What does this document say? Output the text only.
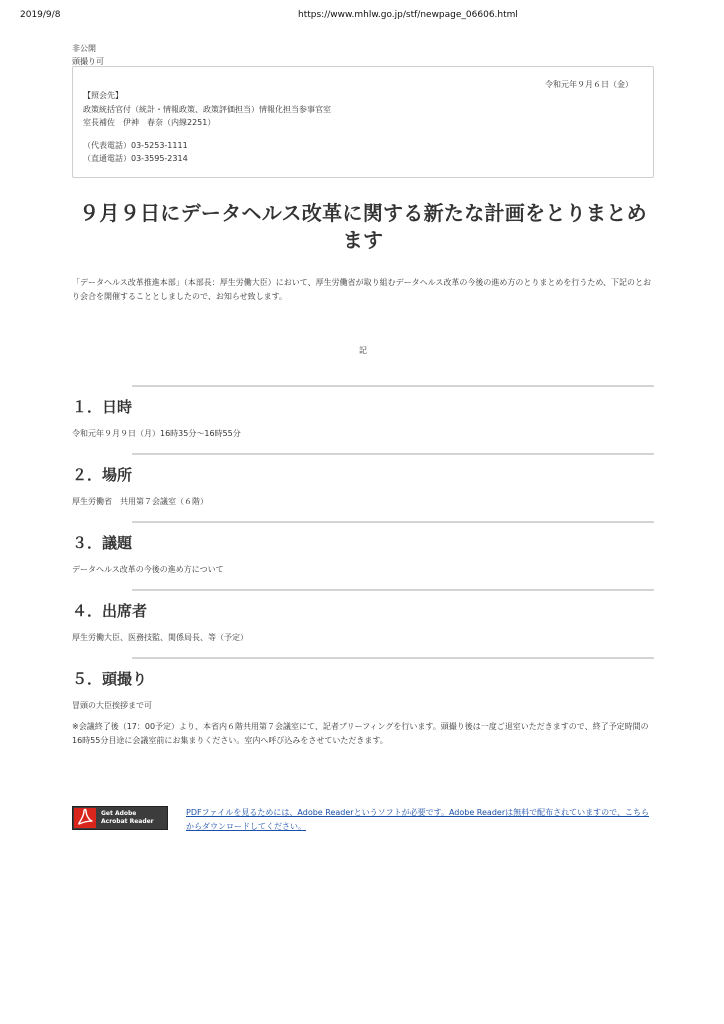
2019/9/8	https://www.mhlw.go.jp/stf/newpage_06606.html
非公開
頭撮り可
令和元年９月６日（金）
【照会先】
政策統括官付（統計・情報政策、政策評価担当）情報化担当参事官室
室長補佐　伊神　春奈（内線2251）
（代表電話）03-5253-1111
（直通電話）03-3595-2314
９月９日にデータヘルス改革に関する新たな計画をとりまとめます

「データヘルス改革推進本部」（本部長：厚生労働大臣）において、厚生労働省が取り組むデータヘルス改革の今後の進め方のとりまとめを行うため、下記のとおり会合を開催することとしましたので、お知らせ致します。

記
１．日時
令和元年９月９日（月）16時35分～16時55分
２．場所
厚生労働省　共用第７会議室（６階）
３．議題
データヘルス改革の今後の進め方について
４．出席者
厚生労働大臣、医務技監、関係局長、等（予定）
５．頭撮り
冒頭の大臣挨拶まで可

※会議終了後（17：00予定）より、本省内６階共用第７会議室にて、記者ブリーフィングを行います。頭撮り後は一度ご退室いただきますので、終了予定時間の16時55分目途に会議室前にお集まりください。室内へ呼び込みをさせていただきます。

Get Adobe
Acrobat Reader
PDFファイルを見るためには、Adobe Readerというソフトが必要です。Adobe Readerは無料で配布されていますので、こちらからダウンロードしてください。
